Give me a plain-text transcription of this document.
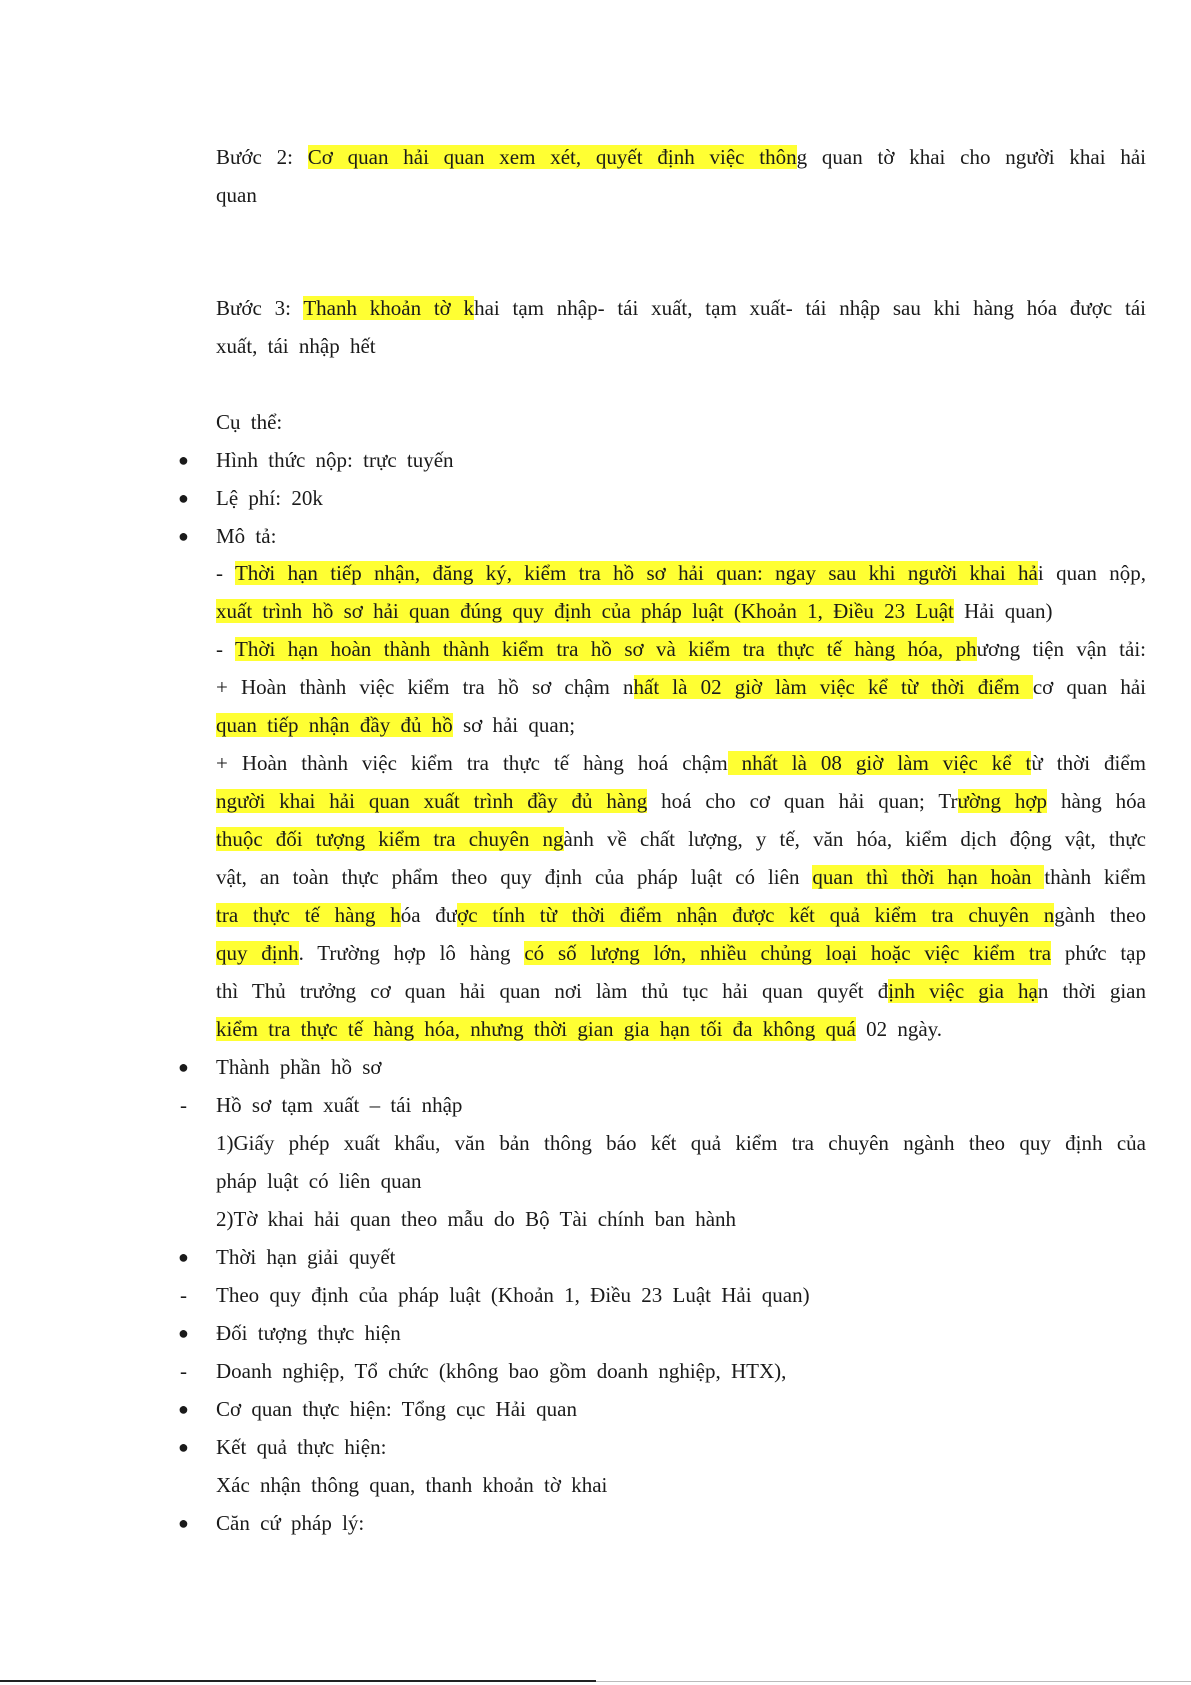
Bước 2: Cơ quan hải quan xem xét, quyết định việc thông quan tờ khai cho người khai hải
quan
Bước 3: Thanh khoản tờ khai tạm nhập- tái xuất, tạm xuất- tái nhập sau khi hàng hóa được tái
xuất, tái nhập hết
Cụ thể:
● Hình thức nộp: trực tuyến
● Lệ phí: 20k
● Mô tả:
- Thời hạn tiếp nhận, đăng ký, kiểm tra hồ sơ hải quan: ngay sau khi người khai hải quan nộp,
xuất trình hồ sơ hải quan đúng quy định của pháp luật (Khoản 1, Điều 23 Luật Hải quan)
- Thời hạn hoàn thành thành kiểm tra hồ sơ và kiểm tra thực tế hàng hóa, phương tiện vận tải:
+ Hoàn thành việc kiểm tra hồ sơ chậm nhất là 02 giờ làm việc kể từ thời điểm cơ quan hải
quan tiếp nhận đầy đủ hồ sơ hải quan;
+ Hoàn thành việc kiểm tra thực tế hàng hoá chậm nhất là 08 giờ làm việc kể từ thời điểm
người khai hải quan xuất trình đầy đủ hàng hoá cho cơ quan hải quan; Trường hợp hàng hóa
thuộc đối tượng kiểm tra chuyên ngành về chất lượng, y tế, văn hóa, kiểm dịch động vật, thực
vật, an toàn thực phẩm theo quy định của pháp luật có liên quan thì thời hạn hoàn thành kiểm
tra thực tế hàng hóa được tính từ thời điểm nhận được kết quả kiểm tra chuyên ngành theo
quy định. Trường hợp lô hàng có số lượng lớn, nhiều chủng loại hoặc việc kiểm tra phức tạp
thì Thủ trưởng cơ quan hải quan nơi làm thủ tục hải quan quyết định việc gia hạn thời gian
kiểm tra thực tế hàng hóa, nhưng thời gian gia hạn tối đa không quá 02 ngày.
● Thành phần hồ sơ
- Hồ sơ tạm xuất – tái nhập
1)Giấy phép xuất khẩu, văn bản thông báo kết quả kiểm tra chuyên ngành theo quy định của
pháp luật có liên quan
2)Tờ khai hải quan theo mẫu do Bộ Tài chính ban hành
● Thời hạn giải quyết
- Theo quy định của pháp luật (Khoản 1, Điều 23 Luật Hải quan)
● Đối tượng thực hiện
- Doanh nghiệp, Tổ chức (không bao gồm doanh nghiệp, HTX),
● Cơ quan thực hiện: Tổng cục Hải quan
● Kết quả thực hiện:
Xác nhận thông quan, thanh khoản tờ khai
● Căn cứ pháp lý:
